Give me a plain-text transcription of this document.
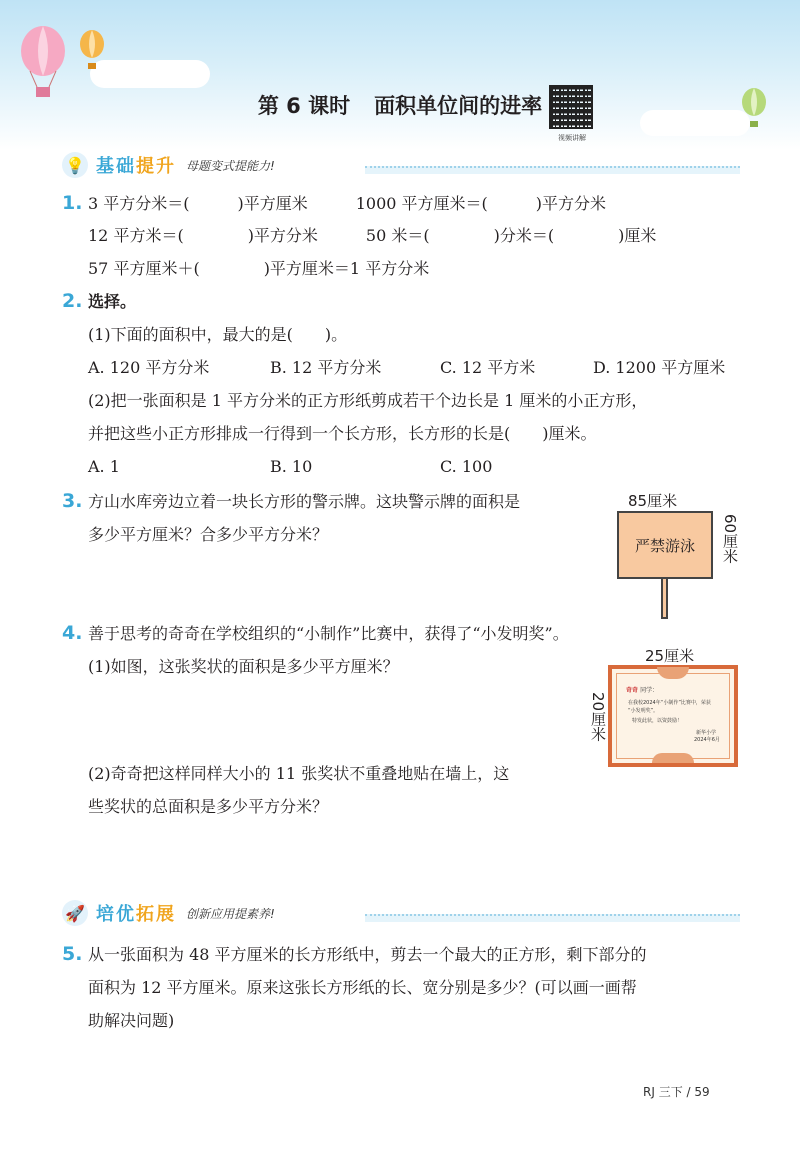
第 6 课时 面积单位间的进率
视频讲解
💡 基础提升 母题变式提能力!
1. 3 平方分米＝(　　　)平方厘米　　　1000 平方厘米＝(　　　)平方分米
12 平方米＝(　　　　)平方分米　　　50 米＝(　　　　)分米＝(　　　　)厘米
57 平方厘米＋(　　　　)平方厘米＝1 平方分米
2. 选择。
(1)下面的面积中，最大的是(　　)。
A. 120 平方分米	B. 12 平方分米	C. 12 平方米	D. 1200 平方厘米
(2)把一张面积是 1 平方分米的正方形纸剪成若干个边长是 1 厘米的小正方形，
并把这些小正方形排成一行得到一个长方形，长方形的长是(　　)厘米。
A. 1	B. 10	C. 100
3. 方山水库旁边立着一块长方形的警示牌。这块警示牌的面积是
多少平方厘米？合多少平方分米？
85厘米
严禁游泳 60厘米
4. 善于思考的奇奇在学校组织的“小制作”比赛中，获得了“小发明奖”。
(1)如图，这张奖状的面积是多少平方厘米？
25厘米
20厘米
奇奇 同学：
在我校2024年“小制作”比赛中，荣获
“小发明奖”。
特发此状，以资鼓励！
新华小学
2024年6月
(2)奇奇把这样同样大小的 11 张奖状不重叠地贴在墙上，这
些奖状的总面积是多少平方分米？
🚀 培优拓展 创新应用提素养!
5. 从一张面积为 48 平方厘米的长方形纸中，剪去一个最大的正方形，剩下部分的
面积为 12 平方厘米。原来这张长方形纸的长、宽分别是多少？(可以画一画帮
助解决问题)
RJ 三下 / 59
